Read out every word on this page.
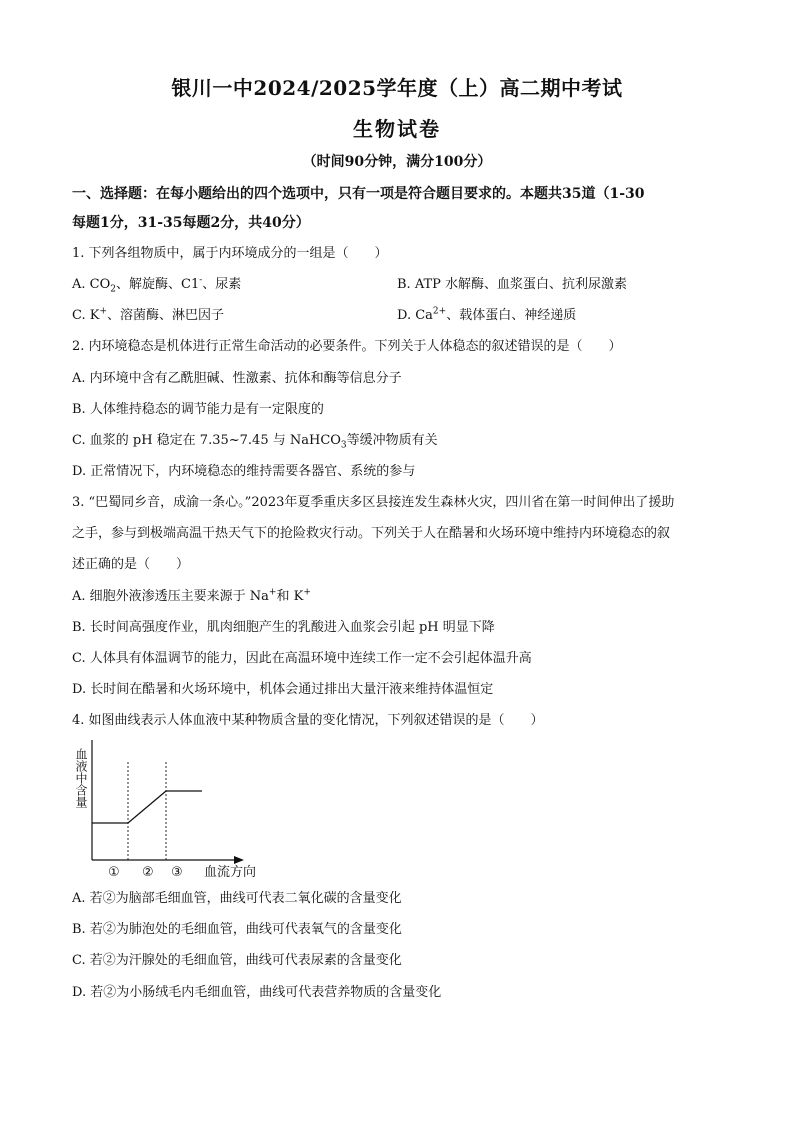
银川一中2024/2025学年度（上）高二期中考试
生物试卷
（时间90分钟，满分100分）
一、选择题：在每小题给出的四个选项中，只有一项是符合题目要求的。本题共35道（1-30
每题1分，31-35每题2分，共40分）
1. 下列各组物质中，属于内环境成分的一组是（　　）
A. $CO_2$、解旋酶、C1-、尿素	B. ATP 水解酶、血浆蛋白、抗利尿激素
C. K+、溶菌酶、淋巴因子	D. $Ca^{2+}$、载体蛋白、神经递质
2. 内环境稳态是机体进行正常生命活动的必要条件。下列关于人体稳态的叙述错误的是（　　）
A. 内环境中含有乙酰胆碱、性激素、抗体和酶等信息分子
B. 人体维持稳态的调节能力是有一定限度的
C. 血浆的 pH 稳定在 7.35~7.45 与 NaHCO$_3$等缓冲物质有关
D. 正常情况下，内环境稳态的维持需要各器官、系统的参与
3. “巴蜀同乡音，成渝一条心。”2023年夏季重庆多区县接连发生森林火灾，四川省在第一时间伸出了援助
之手，参与到极端高温干热天气下的抢险救灾行动。下列关于人在酷暑和火场环境中维持内环境稳态的叙
述正确的是（　　）
A. 细胞外液渗透压主要来源于 Na+和 K+
B. 长时间高强度作业，肌肉细胞产生的乳酸进入血浆会引起 pH 明显下降
C. 人体具有体温调节的能力，因此在高温环境中连续工作一定不会引起体温升高
D. 长时间在酷暑和火场环境中，机体会通过排出大量汗液来维持体温恒定
4. 如图曲线表示人体血液中某种物质含量的变化情况，下列叙述错误的是（　　）
血液中含量
① ② ③ 血流方向
A. 若②为脑部毛细血管，曲线可代表二氧化碳的含量变化
B. 若②为肺泡处的毛细血管，曲线可代表氧气的含量变化
C. 若②为汗腺处的毛细血管，曲线可代表尿素的含量变化
D. 若②为小肠绒毛内毛细血管，曲线可代表营养物质的含量变化
